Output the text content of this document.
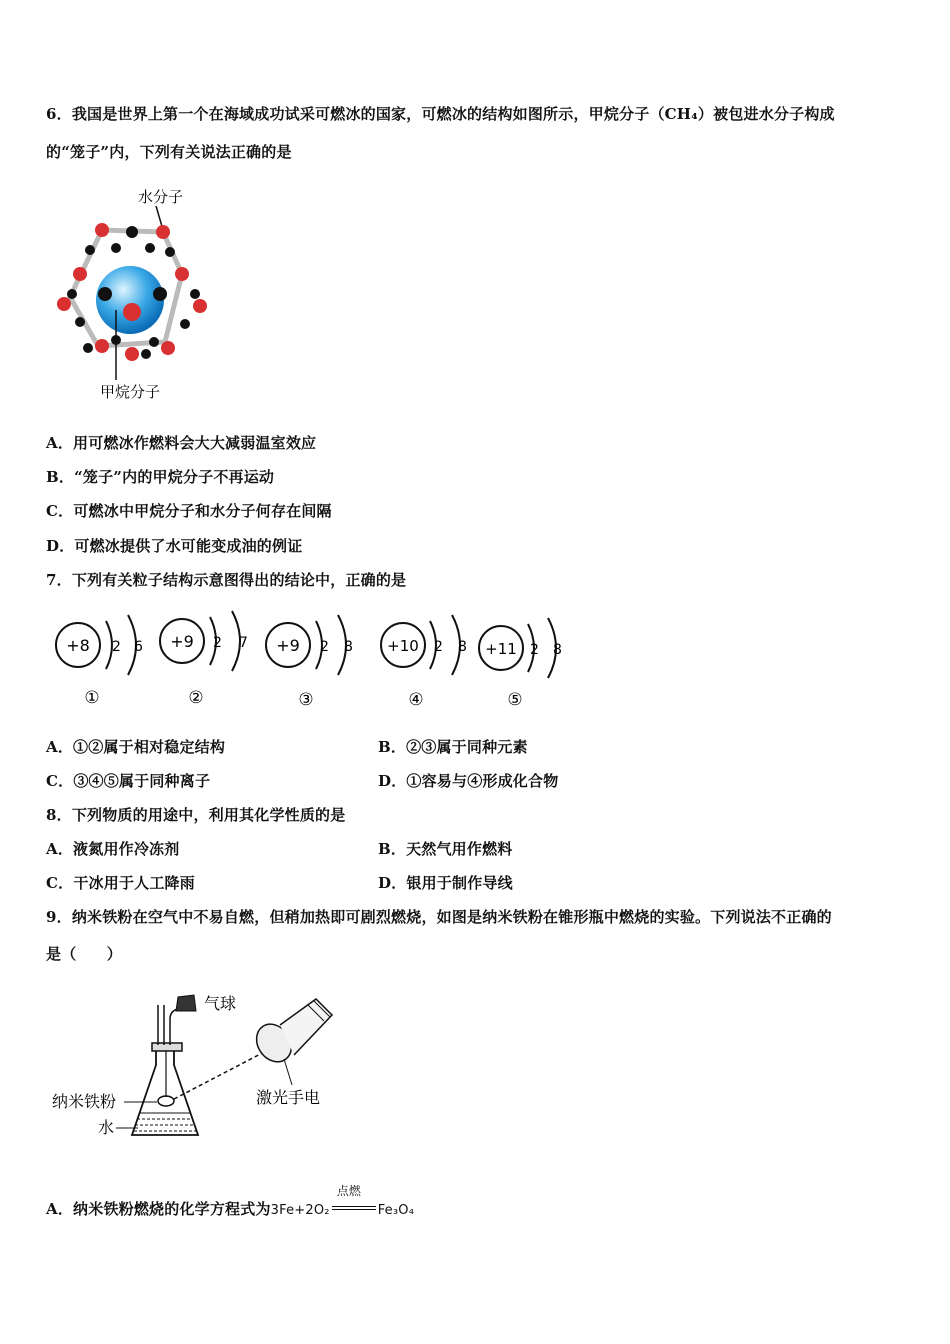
6．我国是世界上第一个在海域成功试采可燃冰的国家，可燃冰的结构如图所示，甲烷分子（CH₄）被包进水分子构成
的“笼子”内，下列有关说法正确的是
水分子
甲烷分子
A．用可燃冰作燃料会大大减弱温室效应
B．“笼子”内的甲烷分子不再运动
C．可燃冰中甲烷分子和水分子何存在间隔
D．可燃冰提供了水可能变成油的例证
7．下列有关粒子结构示意图得出的结论中，正确的是
+8 2 6
①
+9 2 7
②
+9 2 8
③
+10 2 8
④
+11 2 8
⑤
A．①②属于相对稳定结构	B．②③属于同种元素
C．③④⑤属于同种离子	D．①容易与④形成化合物
8．下列物质的用途中，利用其化学性质的是
A．液氮用作冷冻剂	B．天然气用作燃料
C．干冰用于人工降雨	D．银用于制作导线
9．纳米铁粉在空气中不易自燃，但稍加热即可剧烈燃烧，如图是纳米铁粉在锥形瓶中燃烧的实验。下列说法不正确的
是（　　）
气球
纳米铁粉
水
激光手电
A．纳米铁粉燃烧的化学方程式为3Fe+2O₂
点燃
Fe₃O₄
